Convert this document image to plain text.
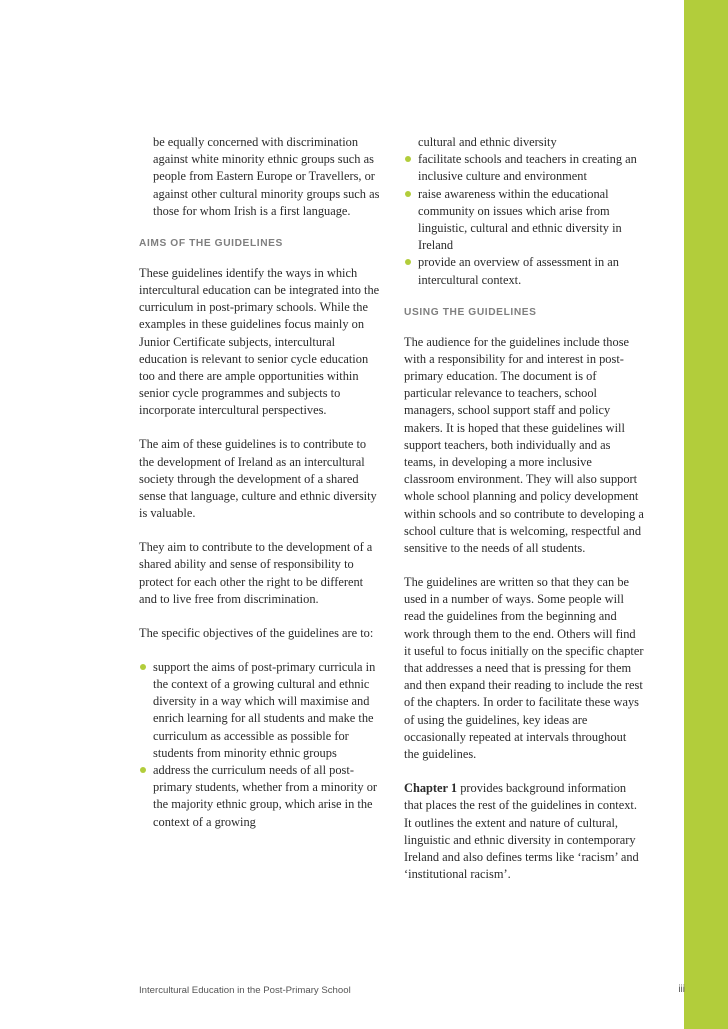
be equally concerned with discrimination against white minority ethnic groups such as people from Eastern Europe or Travellers, or against other cultural minority groups such as those for whom Irish is a first language.

AIMS OF THE GUIDELINES

These guidelines identify the ways in which intercultural education can be integrated into the curriculum in post-primary schools. While the examples in these guidelines focus mainly on Junior Certificate subjects, intercultural education is relevant to senior cycle education too and there are ample opportunities within senior cycle programmes and subjects to incorporate intercultural perspectives.

The aim of these guidelines is to contribute to the development of Ireland as an intercultural society through the development of a shared sense that language, culture and ethnic diversity is valuable.

They aim to contribute to the development of a shared ability and sense of responsibility to protect for each other the right to be different and to live free from discrimination.

The specific objectives of the guidelines are to:

support the aims of post-primary curricula in the context of a growing cultural and ethnic diversity in a way which will maximise and enrich learning for all students and make the curriculum as accessible as possible for students from minority ethnic groups
address the curriculum needs of all post-primary students, whether from a minority or the majority ethnic group, which arise in the context of a growing
cultural and ethnic diversity
facilitate schools and teachers in creating an inclusive culture and environment
raise awareness within the educational community on issues which arise from linguistic, cultural and ethnic diversity in Ireland
provide an overview of assessment in an intercultural context.
USING THE GUIDELINES

The audience for the guidelines include those with a responsibility for and interest in post-primary education. The document is of particular relevance to teachers, school managers, school support staff and policy makers. It is hoped that these guidelines will support teachers, both individually and as teams, in developing a more inclusive classroom environment. They will also support whole school planning and policy development within schools and so contribute to developing a school culture that is welcoming, respectful and sensitive to the needs of all students.

The guidelines are written so that they can be used in a number of ways. Some people will read the guidelines from the beginning and work through them to the end. Others will find it useful to focus initially on the specific chapter that addresses a need that is pressing for them and then expand their reading to include the rest of the chapters. In order to facilitate these ways of using the guidelines, key ideas are occasionally repeated at intervals throughout the guidelines.

Chapter 1 provides background information that places the rest of the guidelines in context. It outlines the extent and nature of cultural, linguistic and ethnic diversity in contemporary Ireland and also defines terms like ‘racism’ and ‘institutional racism’.

Intercultural Education in the Post-Primary School	iii
